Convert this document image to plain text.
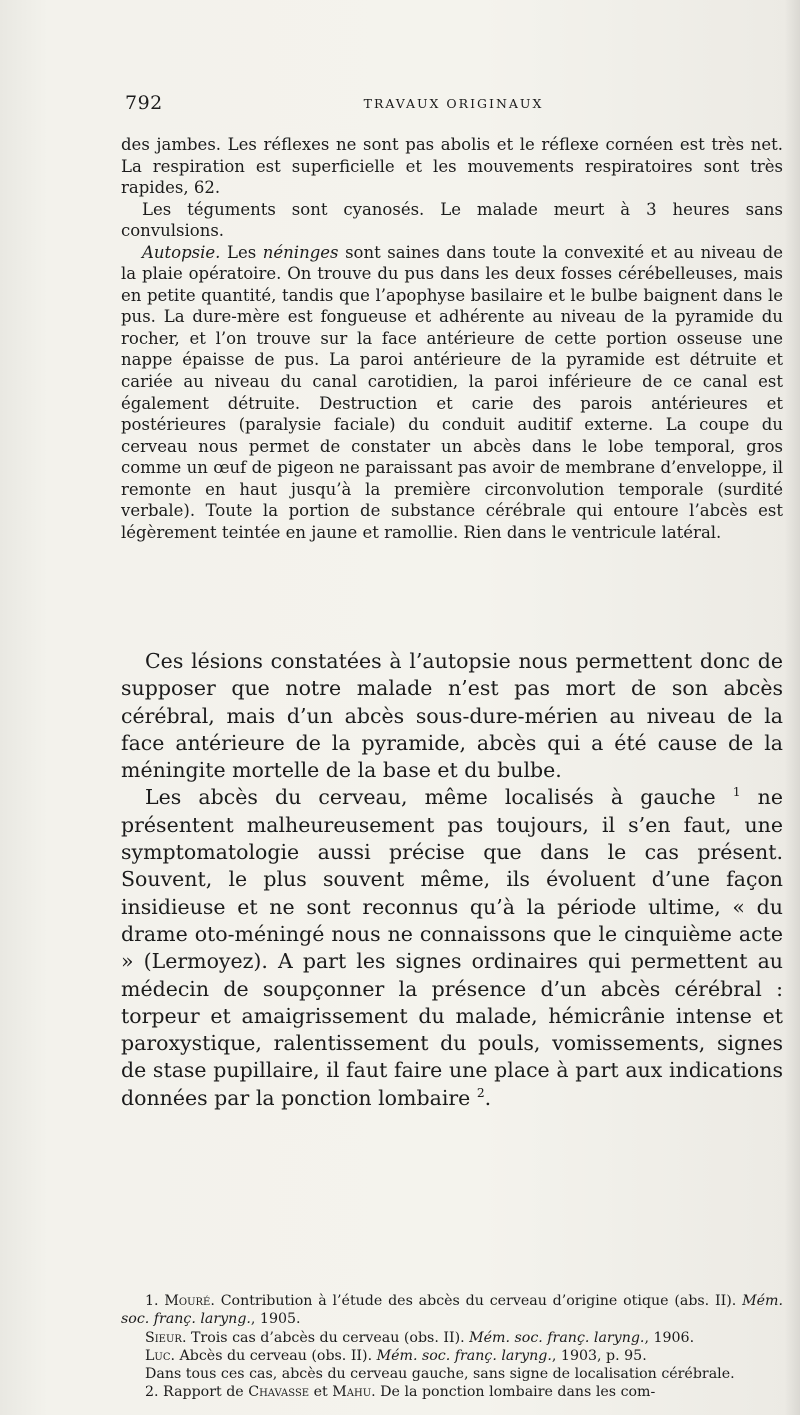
792	TRAVAUX ORIGINAUX

des jambes. Les réflexes ne sont pas abolis et le réflexe cornéen est très net. La respiration est superficielle et les mouvements respiratoires sont très rapides, 62.

Les téguments sont cyanosés. Le malade meurt à 3 heures sans convulsions.

Autopsie. Les néninges sont saines dans toute la convexité et au niveau de la plaie opératoire. On trouve du pus dans les deux fosses cérébelleuses, mais en petite quantité, tandis que l’apophyse basilaire et le bulbe baignent dans le pus. La dure-mère est fongueuse et adhérente au niveau de la pyramide du rocher, et l’on trouve sur la face antérieure de cette portion osseuse une nappe épaisse de pus. La paroi antérieure de la pyramide est détruite et cariée au niveau du canal carotidien, la paroi inférieure de ce canal est également détruite. Destruction et carie des parois antérieures et postérieures (paralysie faciale) du conduit auditif externe. La coupe du cerveau nous permet de constater un abcès dans le lobe temporal, gros comme un œuf de pigeon ne paraissant pas avoir de membrane d’enveloppe, il remonte en haut jusqu’à la première circonvolution temporale (surdité verbale). Toute la portion de substance cérébrale qui entoure l’abcès est légèrement teintée en jaune et ramollie. Rien dans le ventricule latéral.

Ces lésions constatées à l’autopsie nous permettent donc de supposer que notre malade n’est pas mort de son abcès cérébral, mais d’un abcès sous-dure-mérien au niveau de la face antérieure de la pyramide, abcès qui a été cause de la méningite mortelle de la base et du bulbe.

Les abcès du cerveau, même localisés à gauche $^1$ ne présentent malheureusement pas toujours, il s’en faut, une symptomatologie aussi précise que dans le cas présent. Souvent, le plus souvent même, ils évoluent d’une façon insidieuse et ne sont reconnus qu’à la période ultime, « du drame oto-méningé nous ne connaissons que le cinquième acte » (Lermoyez). A part les signes ordinaires qui permettent au médecin de soupçonner la présence d’un abcès cérébral : torpeur et amaigrissement du malade, hémicrânie intense et paroxystique, ralentissement du pouls, vomissements, signes de stase pupillaire, il faut faire une place à part aux indications données par la ponction lombaire $^2$.

1. Mouré. Contribution à l’étude des abcès du cerveau d’origine otique (abs. II). Mém. soc. franç. laryng., 1905.

Sieur. Trois cas d’abcès du cerveau (obs. II). Mém. soc. franç. laryng., 1906.

Luc. Abcès du cerveau (obs. II). Mém. soc. franç. laryng., 1903, p. 95.

Dans tous ces cas, abcès du cerveau gauche, sans signe de localisation cérébrale.

2. Rapport de Chavasse et Mahu. De la ponction lombaire dans les com-
